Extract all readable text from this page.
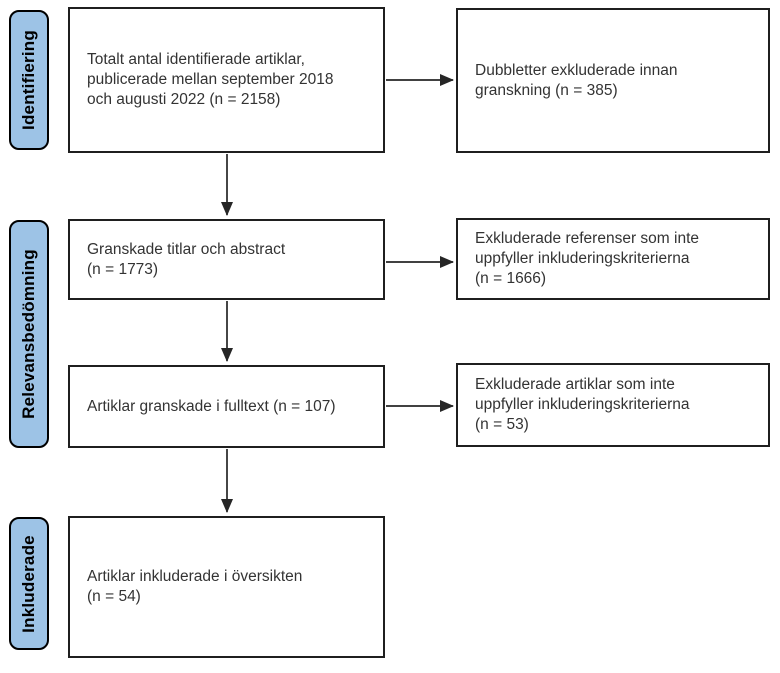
Identifiering
Relevansbedömning
Inkluderade
Totalt antal identifierade artiklar,
publicerade mellan september 2018
och augusti 2022 (n = 2158)
Granskade titlar och abstract
(n = 1773)
Artiklar granskade i fulltext (n = 107)
Artiklar inkluderade i översikten
(n = 54)
Dubbletter exkluderade innan
granskning (n = 385)
Exkluderade referenser som inte
uppfyller inkluderingskriterierna
(n = 1666)
Exkluderade artiklar som inte
uppfyller inkluderingskriterierna
(n = 53)
